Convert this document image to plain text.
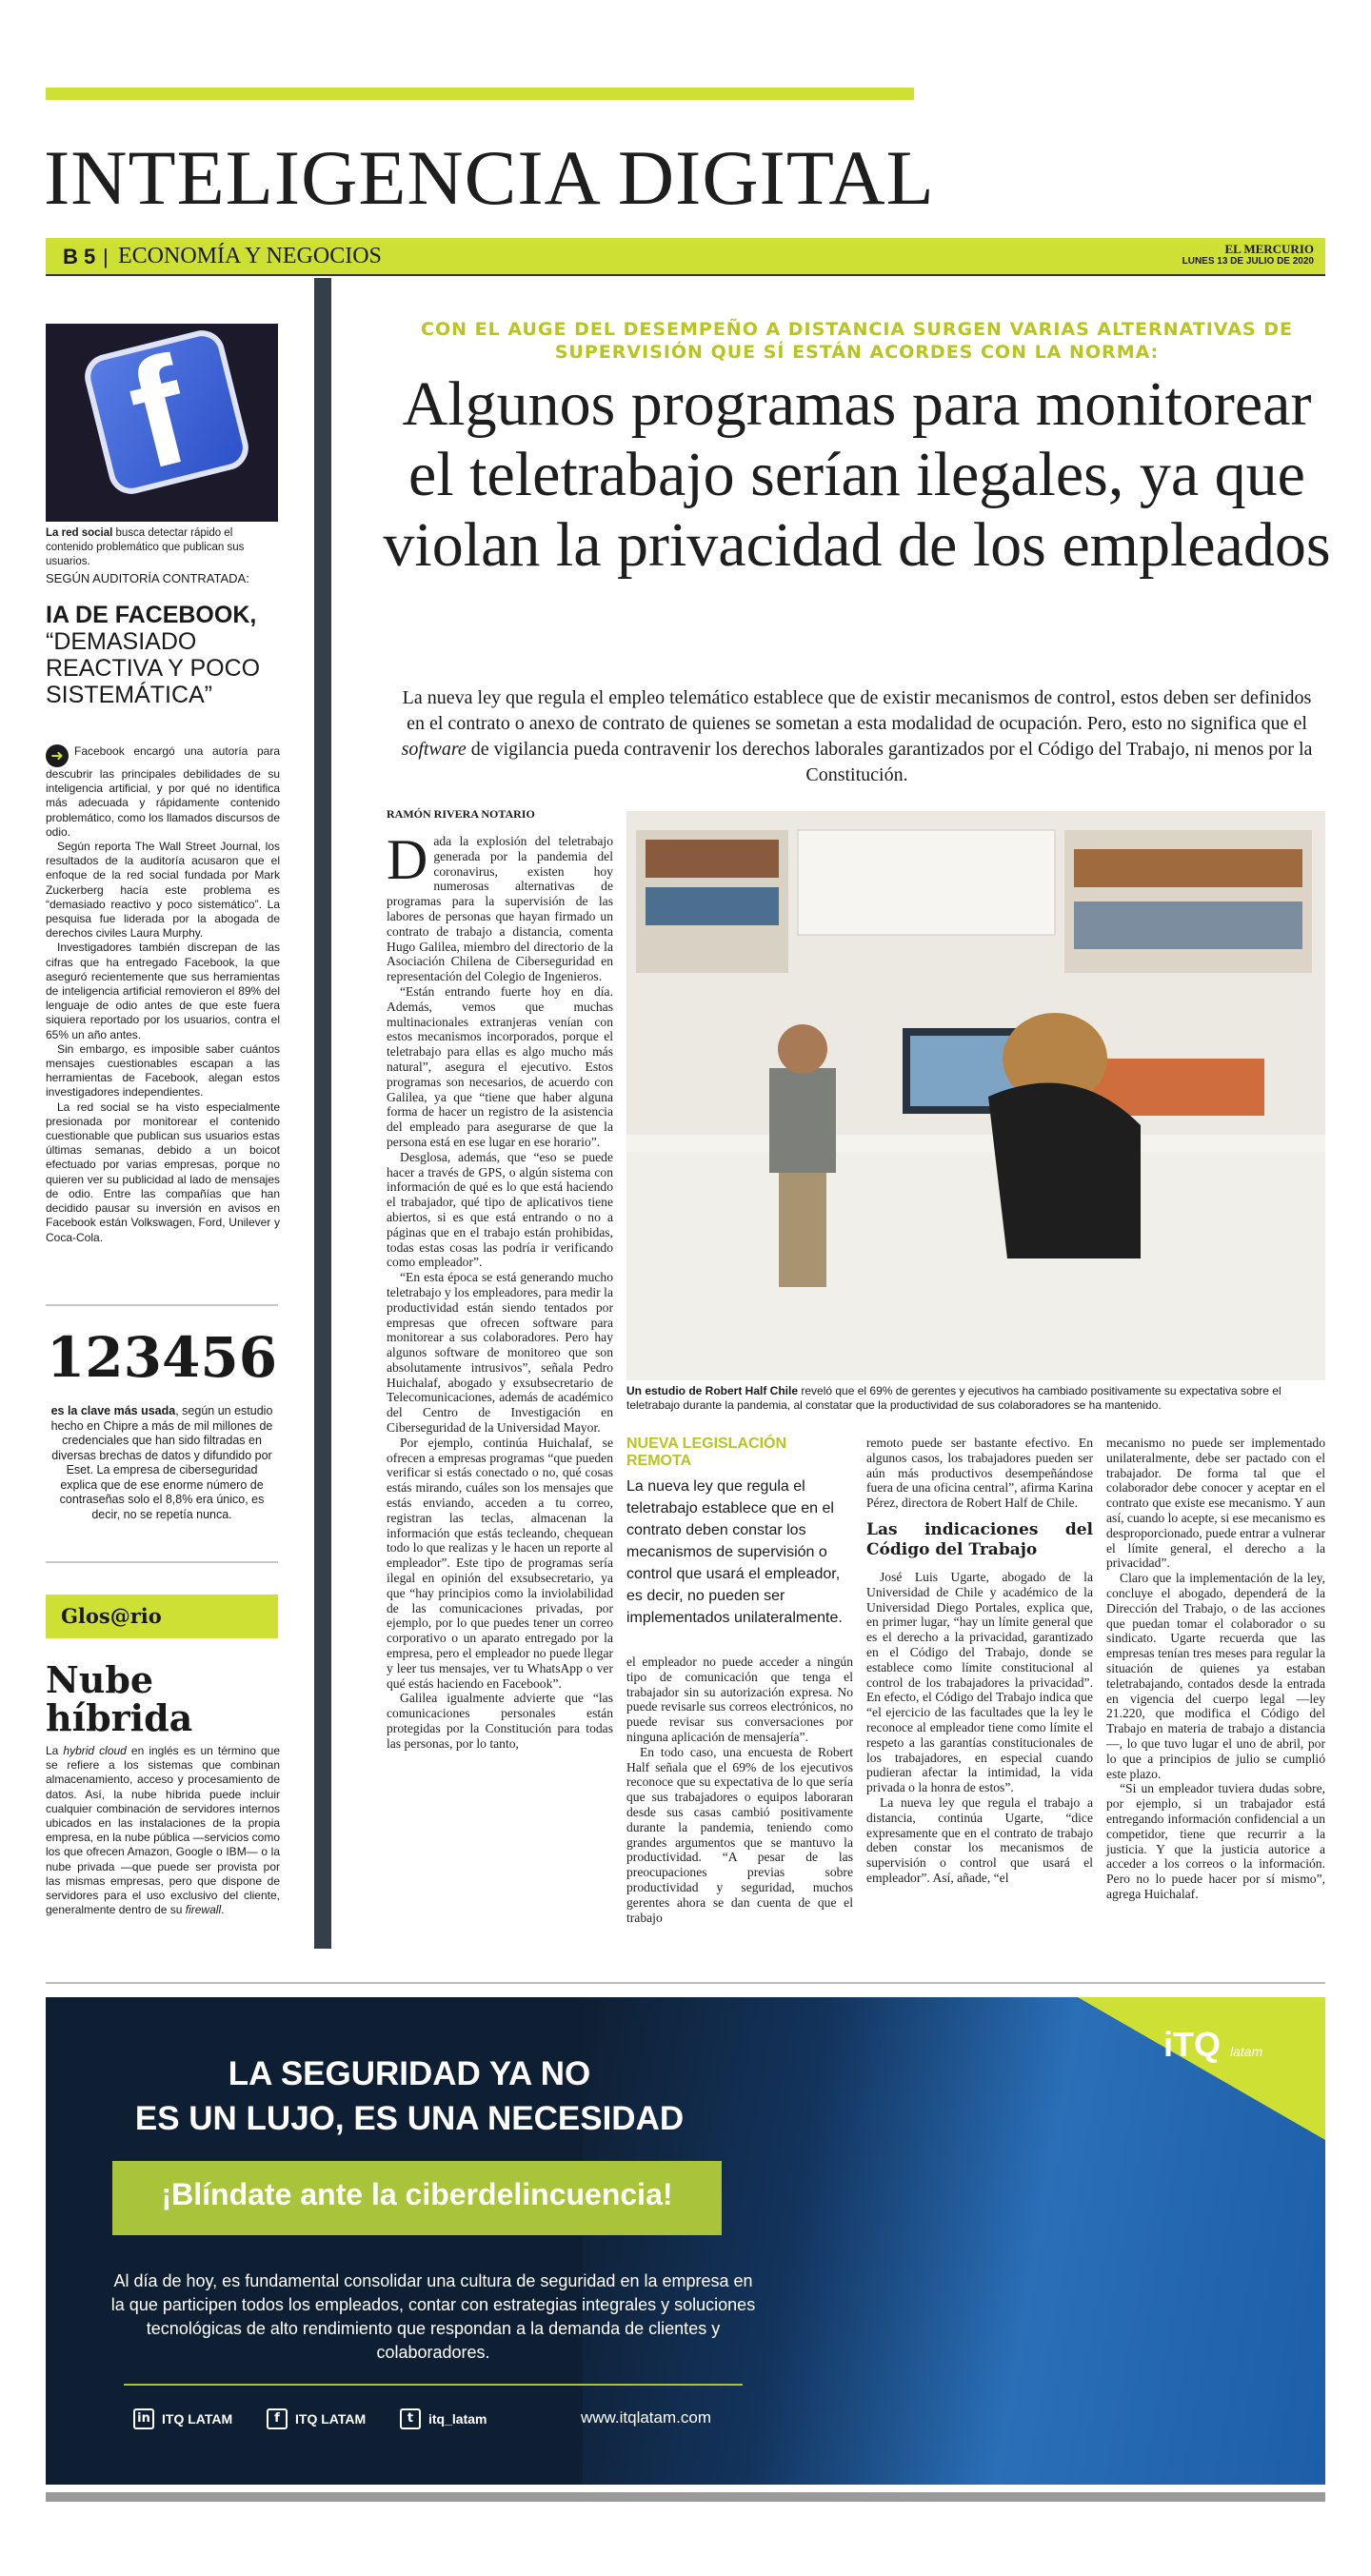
INTELIGENCIA DIGITAL
B 5 | ECONOMÍA Y NEGOCIOS	EL MERCURIO
LUNES 13 DE JULIO DE 2020
f
La red social busca detectar rápido el contenido problemático que publican sus usuarios.
SEGÚN AUDITORÍA CONTRATADA:
IA DE FACEBOOK,
“DEMASIADO REACTIVA Y POCO SISTEMÁTICA”

➜ Facebook encargó una autoría para descubrir las principales debilidades de su inteligencia artificial, y por qué no identifica más adecuada y rápidamente contenido problemático, como los llamados discursos de odio.

Según reporta The Wall Street Journal, los resultados de la auditoría acusaron que el enfoque de la red social fundada por Mark Zuckerberg hacía este problema es “demasiado reactivo y poco sistemático”. La pesquisa fue liderada por la abogada de derechos civiles Laura Murphy.

Investigadores también discrepan de las cifras que ha entregado Facebook, la que aseguró recientemente que sus herramientas de inteligencia artificial removieron el 89% del lenguaje de odio antes de que este fuera siquiera reportado por los usuarios, contra el 65% un año antes.

Sin embargo, es imposible saber cuántos mensajes cuestionables escapan a las herramientas de Facebook, alegan estos investigadores independientes.

La red social se ha visto especialmente presionada por monitorear el contenido cuestionable que publican sus usuarios estas últimas semanas, debido a un boicot efectuado por varias empresas, porque no quieren ver su publicidad al lado de mensajes de odio. Entre las compañías que han decidido pausar su inversión en avisos en Facebook están Volkswagen, Ford, Unilever y Coca-Cola.

123456
es la clave más usada, según un estudio hecho en Chipre a más de mil millones de credenciales que han sido filtradas en diversas brechas de datos y difundido por Eset. La empresa de ciberseguridad explica que de ese enorme número de contraseñas solo el 8,8% era único, es decir, no se repetía nunca.
Glos@rio
Nube híbrida
La hybrid cloud en inglés es un término que se refiere a los sistemas que combinan almacenamiento, acceso y procesamiento de datos. Así, la nube híbrida puede incluir cualquier combinación de servidores internos ubicados en las instalaciones de la propia empresa, en la nube pública —servicios como los que ofrecen Amazon, Google o IBM— o la nube privada —que puede ser provista por las mismas empresas, pero que dispone de servidores para el uso exclusivo del cliente, generalmente dentro de su firewall.
CON EL AUGE DEL DESEMPEÑO A DISTANCIA SURGEN VARIAS ALTERNATIVAS DE SUPERVISIÓN QUE SÍ ESTÁN ACORDES CON LA NORMA:
Algunos programas para monitorear el teletrabajo serían ilegales, ya que violan la privacidad de los empleados
La nueva ley que regula el empleo telemático establece que de existir mecanismos de control, estos deben ser definidos en el contrato o anexo de contrato de quienes se sometan a esta modalidad de ocupación. Pero, esto no significa que el software de vigilancia pueda contravenir los derechos laborales garantizados por el Código del Trabajo, ni menos por la Constitución.
RAMÓN RIVERA NOTARIO

Dada la explosión del teletrabajo generada por la pandemia del coronavirus, existen hoy numerosas alternativas de programas para la supervisión de las labores de personas que hayan firmado un contrato de trabajo a distancia, comenta Hugo Galilea, miembro del directorio de la Asociación Chilena de Ciberseguridad en representación del Colegio de Ingenieros.

“Están entrando fuerte hoy en día. Además, vemos que muchas multinacionales extranjeras venían con estos mecanismos incorporados, porque el teletrabajo para ellas es algo mucho más natural”, asegura el ejecutivo. Estos programas son necesarios, de acuerdo con Galilea, ya que “tiene que haber alguna forma de hacer un registro de la asistencia del empleado para asegurarse de que la persona está en ese lugar en ese horario”.

Desglosa, además, que “eso se puede hacer a través de GPS, o algún sistema con información de qué es lo que está haciendo el trabajador, qué tipo de aplicativos tiene abiertos, si es que está entrando o no a páginas que en el trabajo están prohibidas, todas estas cosas las podría ir verificando como empleador”.

“En esta época se está generando mucho teletrabajo y los empleadores, para medir la productividad están siendo tentados por empresas que ofrecen software para monitorear a sus colaboradores. Pero hay algunos software de monitoreo que son absolutamente intrusivos”, señala Pedro Huichalaf, abogado y exsubsecretario de Telecomunicaciones, además de académico del Centro de Investigación en Ciberseguridad de la Universidad Mayor.

Por ejemplo, continúa Huichalaf, se ofrecen a empresas programas “que pueden verificar si estás conectado o no, qué cosas estás mirando, cuáles son los mensajes que estás enviando, acceden a tu correo, registran las teclas, almacenan la información que estás tecleando, chequean todo lo que realizas y le hacen un reporte al empleador”. Este tipo de programas sería ilegal en opinión del exsubsecretario, ya que “hay principios como la inviolabilidad de las comunicaciones privadas, por ejemplo, por lo que puedes tener un correo corporativo o un aparato entregado por la empresa, pero el empleador no puede llegar y leer tus mensajes, ver tu WhatsApp o ver qué estás haciendo en Facebook”.

Galilea igualmente advierte que “las comunicaciones personales están protegidas por la Constitución para todas las personas, por lo tanto,

Un estudio de Robert Half Chile reveló que el 69% de gerentes y ejecutivos ha cambiado positivamente su expectativa sobre el teletrabajo durante la pandemia, al constatar que la productividad de sus colaboradores se ha mantenido.
NUEVA LEGISLACIÓN REMOTA
La nueva ley que regula el teletrabajo establece que en el contrato deben constar los mecanismos de supervisión o control que usará el empleador, es decir, no pueden ser implementados unilateralmente.

el empleador no puede acceder a ningún tipo de comunicación que tenga el trabajador sin su autorización expresa. No puede revisarle sus correos electrónicos, no puede revisar sus conversaciones por ninguna aplicación de mensajería”.

En todo caso, una encuesta de Robert Half señala que el 69% de los ejecutivos reconoce que su expectativa de lo que sería que sus trabajadores o equipos laboraran desde sus casas cambió positivamente durante la pandemia, teniendo como grandes argumentos que se mantuvo la productividad. “A pesar de las preocupaciones previas sobre productividad y seguridad, muchos gerentes ahora se dan cuenta de que el trabajo

remoto puede ser bastante efectivo. En algunos casos, los trabajadores pueden ser aún más productivos desempeñándose fuera de una oficina central”, afirma Karina Pérez, directora de Robert Half de Chile.

Las indicaciones del Código del Trabajo

José Luis Ugarte, abogado de la Universidad de Chile y académico de la Universidad Diego Portales, explica que, en primer lugar, “hay un límite general que es el derecho a la privacidad, garantizado en el Código del Trabajo, donde se establece como límite constitucional al control de los trabajadores la privacidad”. En efecto, el Código del Trabajo indica que “el ejercicio de las facultades que la ley le reconoce al empleador tiene como límite el respeto a las garantías constitucionales de los trabajadores, en especial cuando pudieran afectar la intimidad, la vida privada o la honra de estos”.

La nueva ley que regula el trabajo a distancia, continúa Ugarte, “dice expresamente que en el contrato de trabajo deben constar los mecanismos de supervisión o control que usará el empleador”. Así, añade, “el

mecanismo no puede ser implementado unilateralmente, debe ser pactado con el trabajador. De forma tal que el colaborador debe conocer y aceptar en el contrato que existe ese mecanismo. Y aun así, cuando lo acepte, si ese mecanismo es desproporcionado, puede entrar a vulnerar el límite general, el derecho a la privacidad”.

Claro que la implementación de la ley, concluye el abogado, dependerá de la Dirección del Trabajo, o de las acciones que puedan tomar el colaborador o su sindicato. Ugarte recuerda que las empresas tenían tres meses para regular la situación de quienes ya estaban teletrabajando, contados desde la entrada en vigencia del cuerpo legal —ley 21.220, que modifica el Código del Trabajo en materia de trabajo a distancia —, lo que tuvo lugar el uno de abril, por lo que a principios de julio se cumplió este plazo.

“Si un empleador tuviera dudas sobre, por ejemplo, si un trabajador está entregando información confidencial a un competidor, tiene que recurrir a la justicia. Y que la justicia autorice a acceder a los correos o la información. Pero no lo puede hacer por sí mismo”, agrega Huichalaf.

iTQ latam
LA SEGURIDAD YA NO
ES UN LUJO, ES UNA NECESIDAD
¡Blíndate ante la ciberdelincuencia!
Al día de hoy, es fundamental consolidar una cultura de seguridad en la empresa en la que participen todos los empleados, contar con estrategias integrales y soluciones tecnológicas de alto rendimiento que respondan a la demanda de clientes y colaboradores.
in ITQ LATAM	f	ITQ LATAM	t	itq_latam	www.itqlatam.com
